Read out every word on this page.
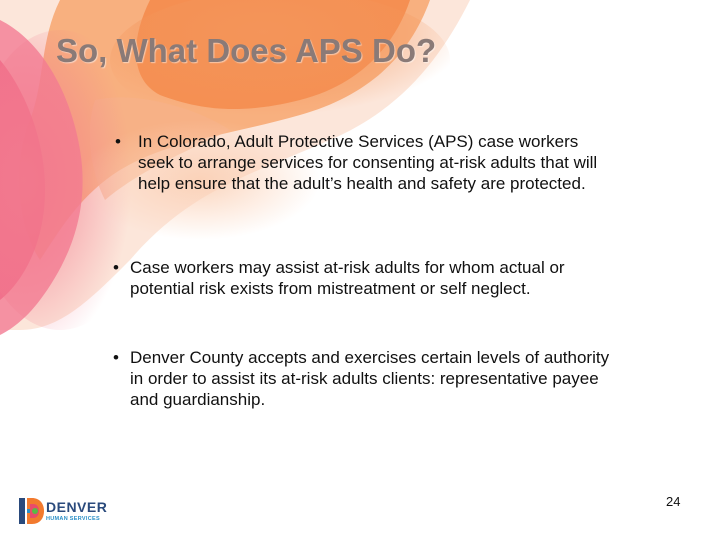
So, What Does APS Do?
• In Colorado, Adult Protective Services (APS) case workers seek to arrange services for consenting at-risk adults that will help ensure that the adult’s health and safety are protected.
• Case workers may assist at-risk adults for whom actual or potential risk exists from mistreatment or self neglect.
• Denver County accepts and exercises certain levels of authority in order to assist its at-risk adults clients: representative payee and guardianship.
DENVER
HUMAN SERVICES
24
